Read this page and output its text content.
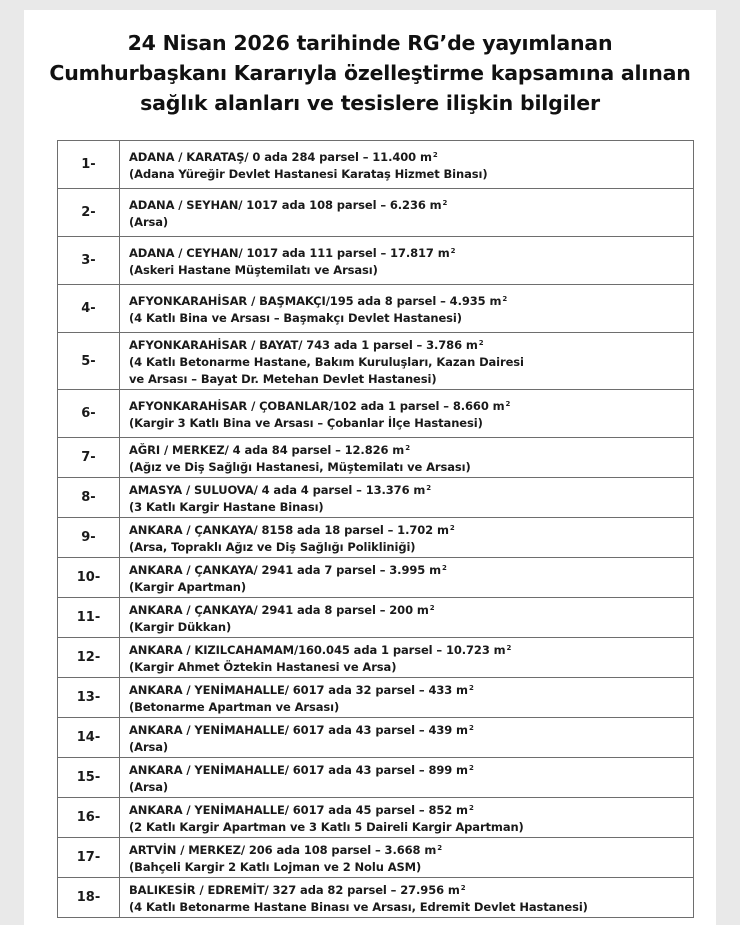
24 Nisan 2026 tarihinde RG’de yayımlanan
Cumhurbaşkanı Kararıyla özelleştirme kapsamına alınan
sağlık alanları ve tesislere ilişkin bilgiler
1-	ADANA / KARATAŞ/ 0 ada 284 parsel – 11.400 $m^2$
(Adana Yüreğir Devlet Hastanesi Karataş Hizmet Binası)

2-	ADANA / SEYHAN/ 1017 ada 108 parsel – 6.236 $m^2$
(Arsa)

3-	ADANA / CEYHAN/ 1017 ada 111 parsel – 17.817 $m^2$
(Askeri Hastane Müştemilatı ve Arsası)

4-	AFYONKARAHİSAR / BAŞMAKÇI/195 ada 8 parsel – 4.935 $m^2$
(4 Katlı Bina ve Arsası – Başmakçı Devlet Hastanesi)

5-	AFYONKARAHİSAR / BAYAT/ 743 ada 1 parsel – 3.786 $m^2$
(4 Katlı Betonarme Hastane, Bakım Kuruluşları, Kazan Dairesi
ve Arsası – Bayat Dr. Metehan Devlet Hastanesi)

6-	AFYONKARAHİSAR / ÇOBANLAR/102 ada 1 parsel – 8.660 $m^2$
(Kargir 3 Katlı Bina ve Arsası – Çobanlar İlçe Hastanesi)

7-	AĞRI / MERKEZ/ 4 ada 84 parsel – 12.826 $m^2$
(Ağız ve Diş Sağlığı Hastanesi, Müştemilatı ve Arsası)

8-	AMASYA / SULUOVA/ 4 ada 4 parsel – 13.376 $m^2$
(3 Katlı Kargir Hastane Binası)

9-	ANKARA / ÇANKAYA/ 8158 ada 18 parsel – 1.702 $m^2$
(Arsa, Topraklı Ağız ve Diş Sağlığı Polikliniği)

10-	ANKARA / ÇANKAYA/ 2941 ada 7 parsel – 3.995 $m^2$
(Kargir Apartman)

11-	ANKARA / ÇANKAYA/ 2941 ada 8 parsel – 200 $m^2$
(Kargir Dükkan)

12-	ANKARA / KIZILCAHAMAM/160.045 ada 1 parsel – 10.723 $m^2$
(Kargir Ahmet Öztekin Hastanesi ve Arsa)

13-	ANKARA / YENİMAHALLE/ 6017 ada 32 parsel – 433 $m^2$
(Betonarme Apartman ve Arsası)

14-	ANKARA / YENİMAHALLE/ 6017 ada 43 parsel – 439 $m^2$
(Arsa)

15-	ANKARA / YENİMAHALLE/ 6017 ada 43 parsel – 899 $m^2$
(Arsa)

16-	ANKARA / YENİMAHALLE/ 6017 ada 45 parsel – 852 $m^2$
(2 Katlı Kargir Apartman ve 3 Katlı 5 Daireli Kargir Apartman)

17-	ARTVİN / MERKEZ/ 206 ada 108 parsel – 3.668 $m^2$
(Bahçeli Kargir 2 Katlı Lojman ve 2 Nolu ASM)

18-	BALIKESİR / EDREMİT/ 327 ada 82 parsel – 27.956 $m^2$
(4 Katlı Betonarme Hastane Binası ve Arsası, Edremit Devlet Hastanesi)
